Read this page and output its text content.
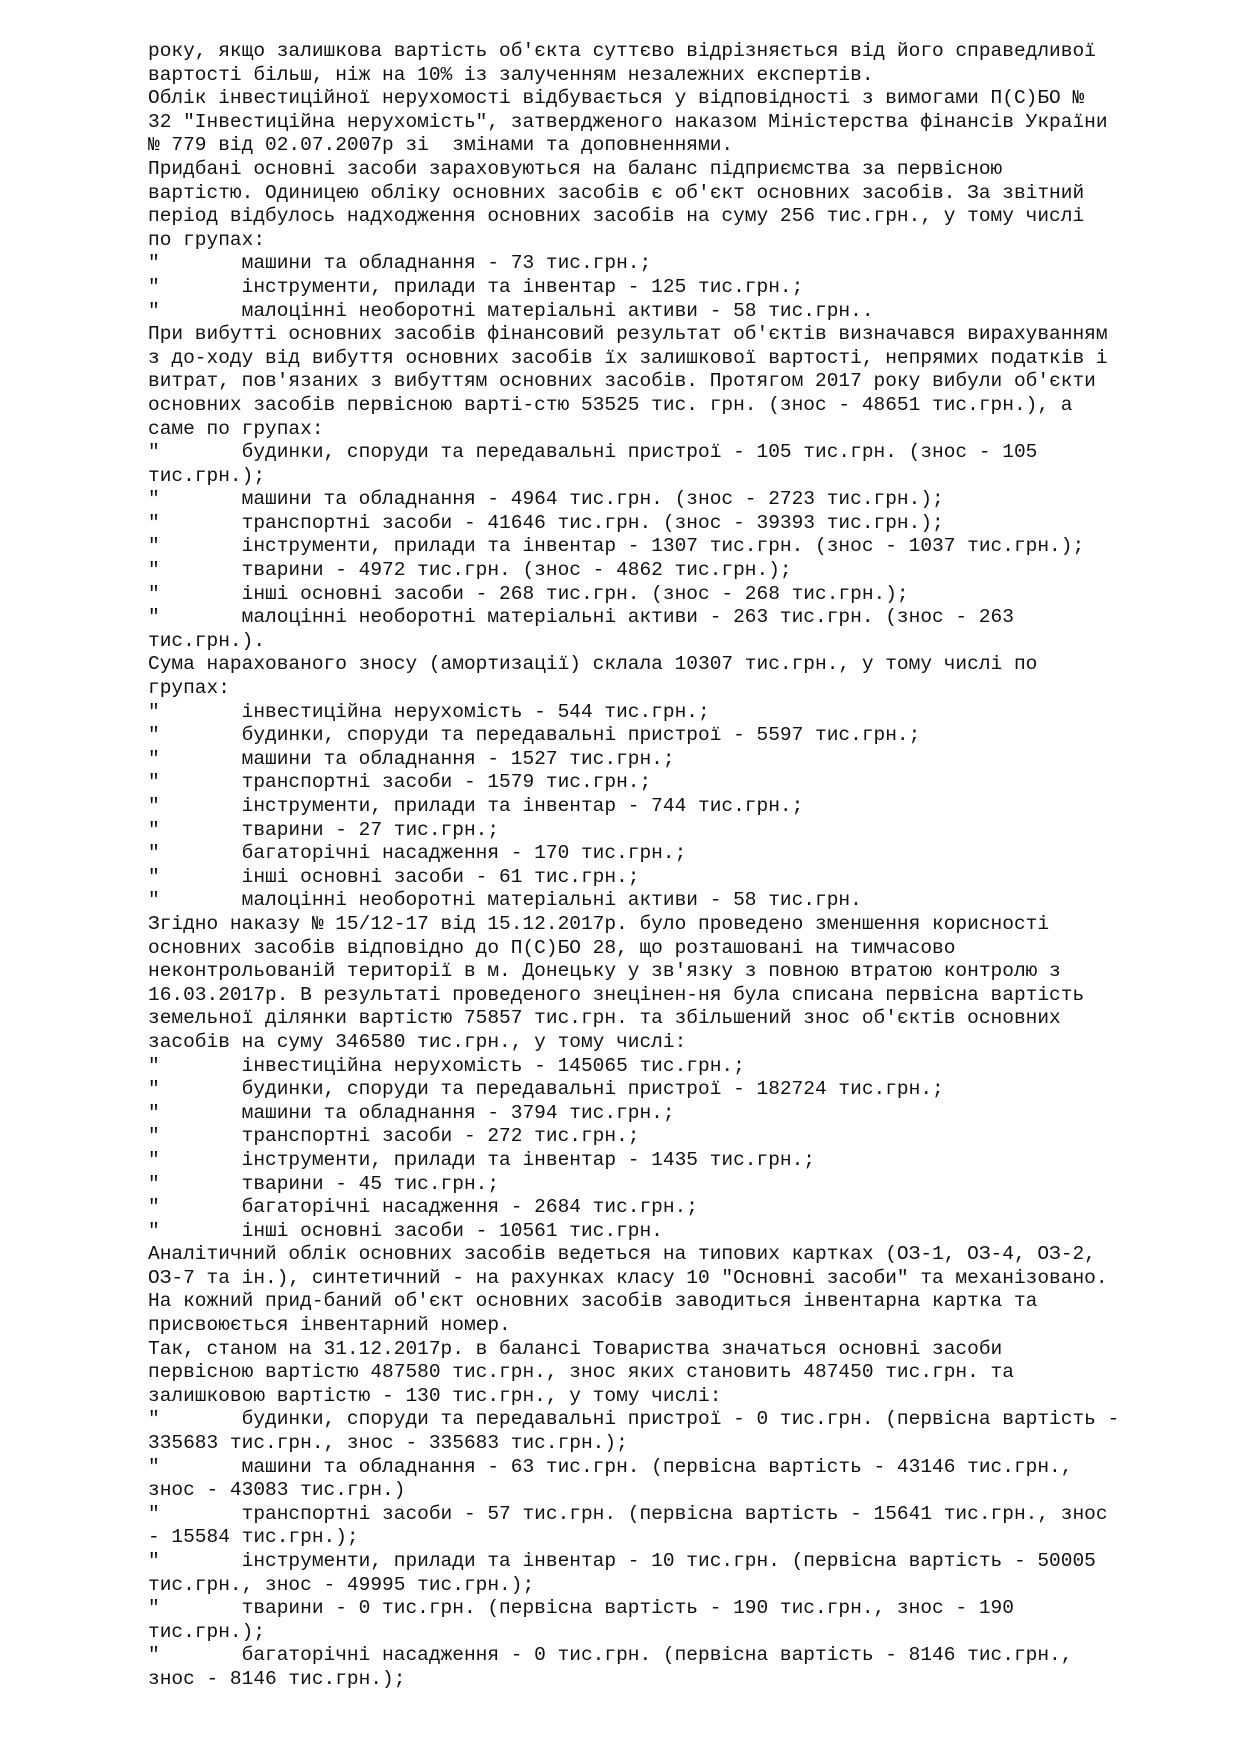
року, якщо залишкова вартість об'єкта суттєво відрізняється від його справедливої
вартості більш, ніж на 10% із залученням незалежних експертів.
Облік інвестиційної нерухомості відбувається у відповідності з вимогами П(С)БО №
32 "Інвестиційна нерухомість", затвердженого наказом Міністерства фінансів України
№ 779 від 02.07.2007р зі  змінами та доповненнями.
Придбані основні засоби зараховуються на баланс підприємства за первісною
вартістю. Одиницею обліку основних засобів є об'єкт основних засобів. За звітний
період відбулось надходження основних засобів на суму 256 тис.грн., у тому числі
по групах:
"       машини та обладнання - 73 тис.грн.;
"       інструменти, прилади та інвентар - 125 тис.грн.;
"       малоцінні необоротні матеріальні активи - 58 тис.грн..
При вибутті основних засобів фінансовий результат об'єктів визначався вирахуванням
з до-ходу від вибуття основних засобів їх залишкової вартості, непрямих податків і
витрат, пов'язаних з вибуттям основних засобів. Протягом 2017 року вибули об'єкти
основних засобів первісною варті-стю 53525 тис. грн. (знос - 48651 тис.грн.), а
саме по групах:
"       будинки, споруди та передавальні пристрої - 105 тис.грн. (знос - 105
тис.грн.);
"       машини та обладнання - 4964 тис.грн. (знос - 2723 тис.грн.);
"       транспортні засоби - 41646 тис.грн. (знос - 39393 тис.грн.);
"       інструменти, прилади та інвентар - 1307 тис.грн. (знос - 1037 тис.грн.);
"       тварини - 4972 тис.грн. (знос - 4862 тис.грн.);
"       інші основні засоби - 268 тис.грн. (знос - 268 тис.грн.);
"       малоцінні необоротні матеріальні активи - 263 тис.грн. (знос - 263
тис.грн.).
Сума нарахованого зносу (амортизації) склала 10307 тис.грн., у тому числі по
групах:
"       інвестиційна нерухомість - 544 тис.грн.;
"       будинки, споруди та передавальні пристрої - 5597 тис.грн.;
"       машини та обладнання - 1527 тис.грн.;
"       транспортні засоби - 1579 тис.грн.;
"       інструменти, прилади та інвентар - 744 тис.грн.;
"       тварини - 27 тис.грн.;
"       багаторічні насадження - 170 тис.грн.;
"       інші основні засоби - 61 тис.грн.;
"       малоцінні необоротні матеріальні активи - 58 тис.грн.
Згідно наказу № 15/12-17 від 15.12.2017р. було проведено зменшення корисності
основних засобів відповідно до П(С)БО 28, що розташовані на тимчасово
неконтрольованій території в м. Донецьку у зв'язку з повною втратою контролю з
16.03.2017р. В результаті проведеного знецінен-ня була списана первісна вартість
земельної ділянки вартістю 75857 тис.грн. та збільшений знос об'єктів основних
засобів на суму 346580 тис.грн., у тому числі:
"       інвестиційна нерухомість - 145065 тис.грн.;
"       будинки, споруди та передавальні пристрої - 182724 тис.грн.;
"       машини та обладнання - 3794 тис.грн.;
"       транспортні засоби - 272 тис.грн.;
"       інструменти, прилади та інвентар - 1435 тис.грн.;
"       тварини - 45 тис.грн.;
"       багаторічні насадження - 2684 тис.грн.;
"       інші основні засоби - 10561 тис.грн.
Аналітичний облік основних засобів ведеться на типових картках (ОЗ-1, ОЗ-4, ОЗ-2,
ОЗ-7 та ін.), синтетичний - на рахунках класу 10 "Основні засоби" та механізовано.
На кожний прид-баний об'єкт основних засобів заводиться інвентарна картка та
присвоюється інвентарний номер.
Так, станом на 31.12.2017р. в балансі Товариства значаться основні засоби
первісною вартістю 487580 тис.грн., знос яких становить 487450 тис.грн. та
залишковою вартістю - 130 тис.грн., у тому числі:
"       будинки, споруди та передавальні пристрої - 0 тис.грн. (первісна вартість -
335683 тис.грн., знос - 335683 тис.грн.);
"       машини та обладнання - 63 тис.грн. (первісна вартість - 43146 тис.грн.,
знос - 43083 тис.грн.)
"       транспортні засоби - 57 тис.грн. (первісна вартість - 15641 тис.грн., знос
- 15584 тис.грн.);
"       інструменти, прилади та інвентар - 10 тис.грн. (первісна вартість - 50005
тис.грн., знос - 49995 тис.грн.);
"       тварини - 0 тис.грн. (первісна вартість - 190 тис.грн., знос - 190
тис.грн.);
"       багаторічні насадження - 0 тис.грн. (первісна вартість - 8146 тис.грн.,
знос - 8146 тис.грн.);
